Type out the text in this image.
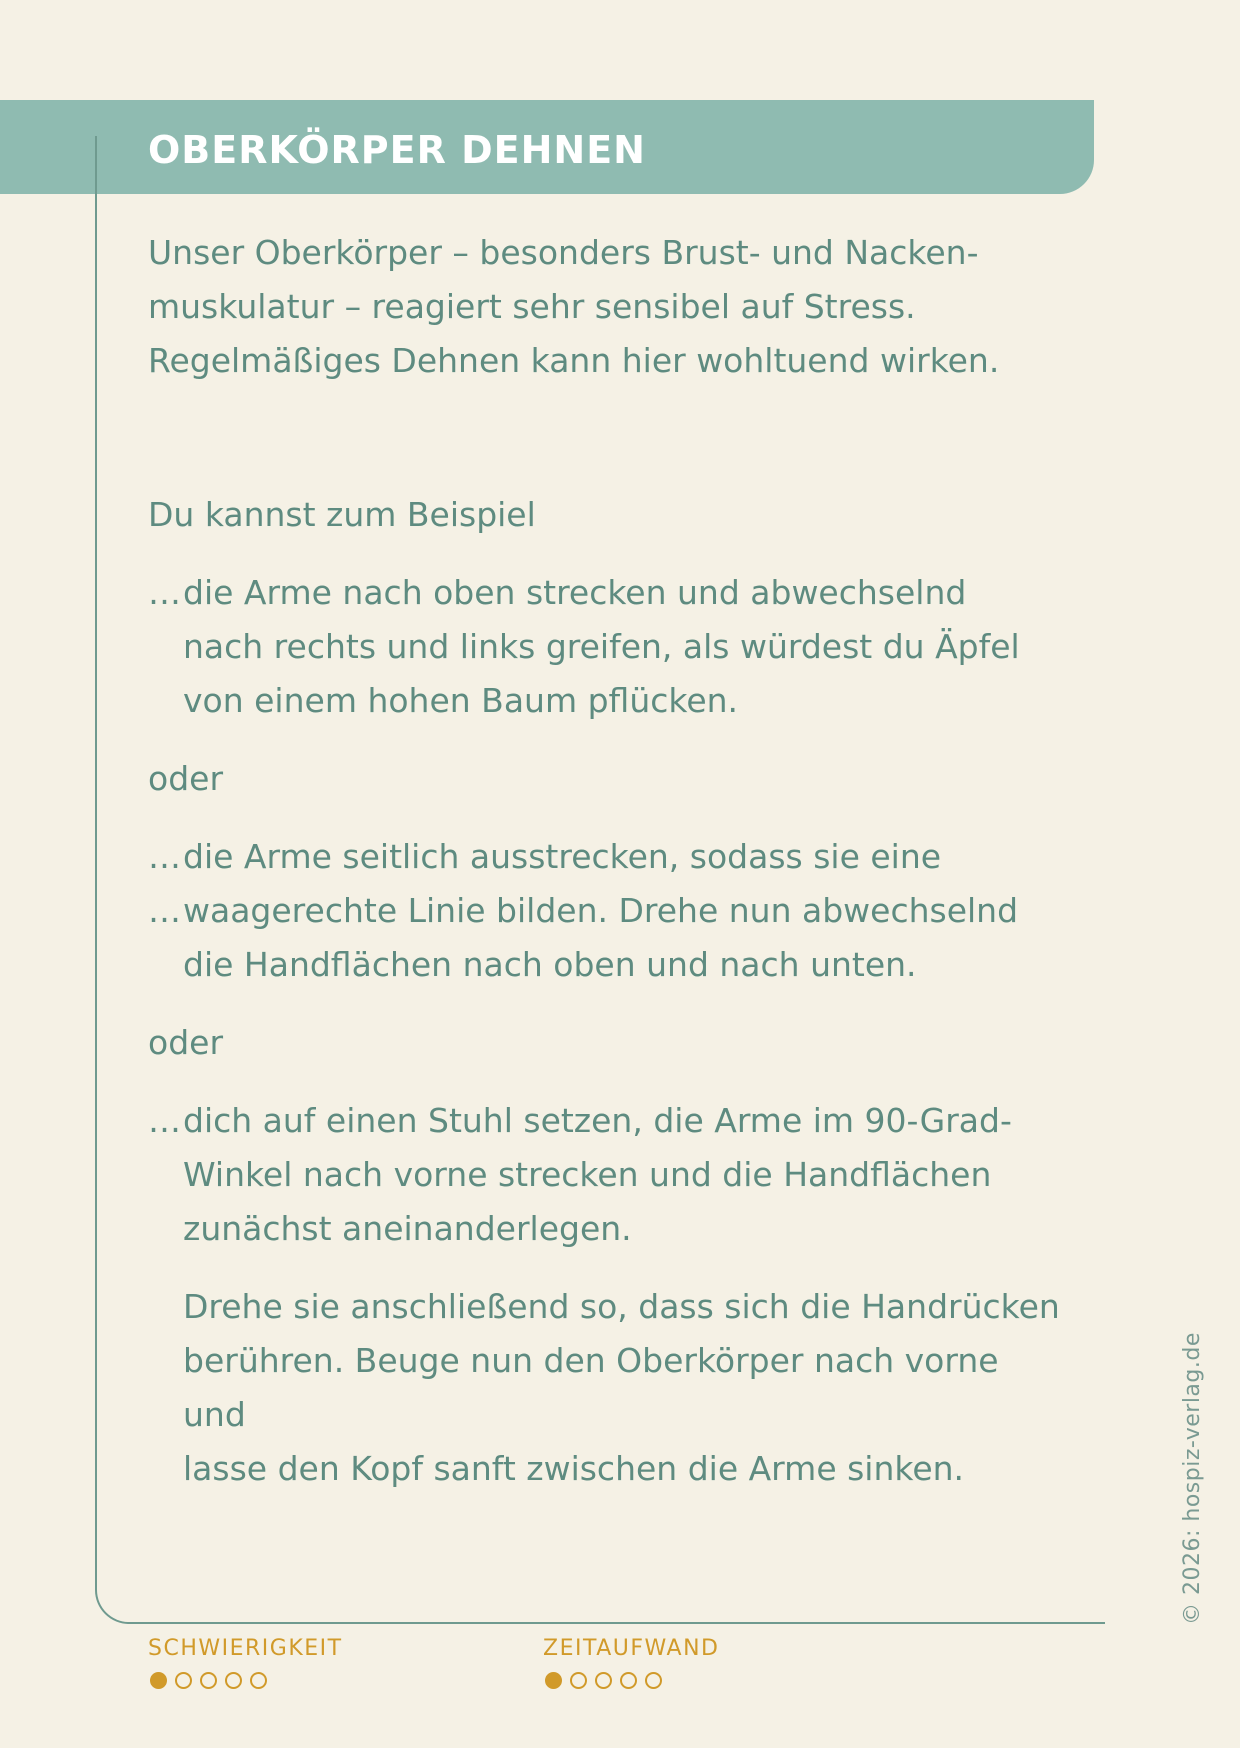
OBERKÖRPER DEHNEN

Unser Oberkörper – besonders Brust- und Nacken-
muskulatur – reagiert sehr sensibel auf Stress.
Regelmäßiges Dehnen kann hier wohltuend wirken.

Du kannst zum Beispiel

… die Arme nach oben strecken und abwechselnd
nach rechts und links greifen, als würdest du Äpfel
von einem hohen Baum pflücken.

oder

… die Arme seitlich ausstrecken, sodass sie eine
… waagerechte Linie bilden. Drehe nun abwechselnd
die Handflächen nach oben und nach unten.

oder

… dich auf einen Stuhl setzen, die Arme im 90-Grad-
Winkel nach vorne strecken und die Handflächen
zunächst aneinanderlegen.

Drehe sie anschließend so, dass sich die Handrücken
berühren. Beuge nun den Oberkörper nach vorne und
lasse den Kopf sanft zwischen die Arme sinken.	© 2026: hospiz-verlag.de
SCHWIERIGKEIT	ZEITAUFWAND
